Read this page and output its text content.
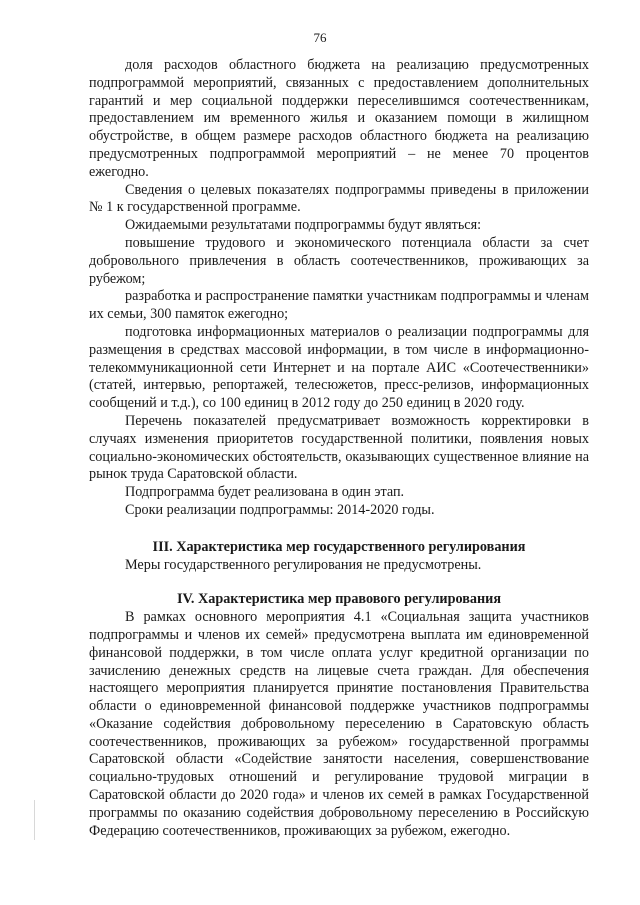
76

доля расходов областного бюджета на реализацию предусмотренных подпрограммой мероприятий, связанных с предоставлением дополнительных гарантий и мер социальной поддержки переселившимся соотечественникам, предоставлением им временного жилья и оказанием помощи в жилищном обустройстве, в общем размере расходов областного бюджета на реализацию предусмотренных подпрограммой мероприятий – не менее 70 процентов ежегодно.

Сведения о целевых показателях подпрограммы приведены в приложении № 1 к государственной программе.

Ожидаемыми результатами подпрограммы будут являться:

повышение трудового и экономического потенциала области за счет добровольного привлечения в область соотечественников, проживающих за рубежом;

разработка и распространение памятки участникам подпрограммы и членам их семьи, 300 памяток ежегодно;

подготовка информационных материалов о реализации подпрограммы для размещения в средствах массовой информации, в том числе в информационно-телекоммуникационной сети Интернет и на портале АИС «Соотечественники» (статей, интервью, репортажей, телесюжетов, пресс-релизов, информационных сообщений и т.д.), со 100 единиц в 2012 году до 250 единиц в 2020 году.

Перечень показателей предусматривает возможность корректировки в случаях изменения приоритетов государственной политики, появления новых социально-экономических обстоятельств, оказывающих существенное влияние на рынок труда Саратовской области.

Подпрограмма будет реализована в один этап.

Сроки реализации подпрограммы: 2014-2020 годы.

III. Характеристика мер государственного регулирования

Меры государственного регулирования не предусмотрены.

IV. Характеристика мер правового регулирования

В рамках основного мероприятия 4.1 «Социальная защита участников подпрограммы и членов их семей» предусмотрена выплата им единовременной финансовой поддержки, в том числе оплата услуг кредитной организации по зачислению денежных средств на лицевые счета граждан. Для обеспечения настоящего мероприятия планируется принятие постановления Правительства области о единовременной финансовой поддержке участников подпрограммы «Оказание содействия добровольному переселению в Саратовскую область соотечественников, проживающих за рубежом» государственной программы Саратовской области «Содействие занятости населения, совершенствование социально-трудовых отношений и регулирование трудовой миграции в Саратовской области до 2020 года» и членов их семей в рамках Государственной программы по оказанию содействия добровольному переселению в Российскую Федерацию соотечественников, проживающих за рубежом, ежегодно.
